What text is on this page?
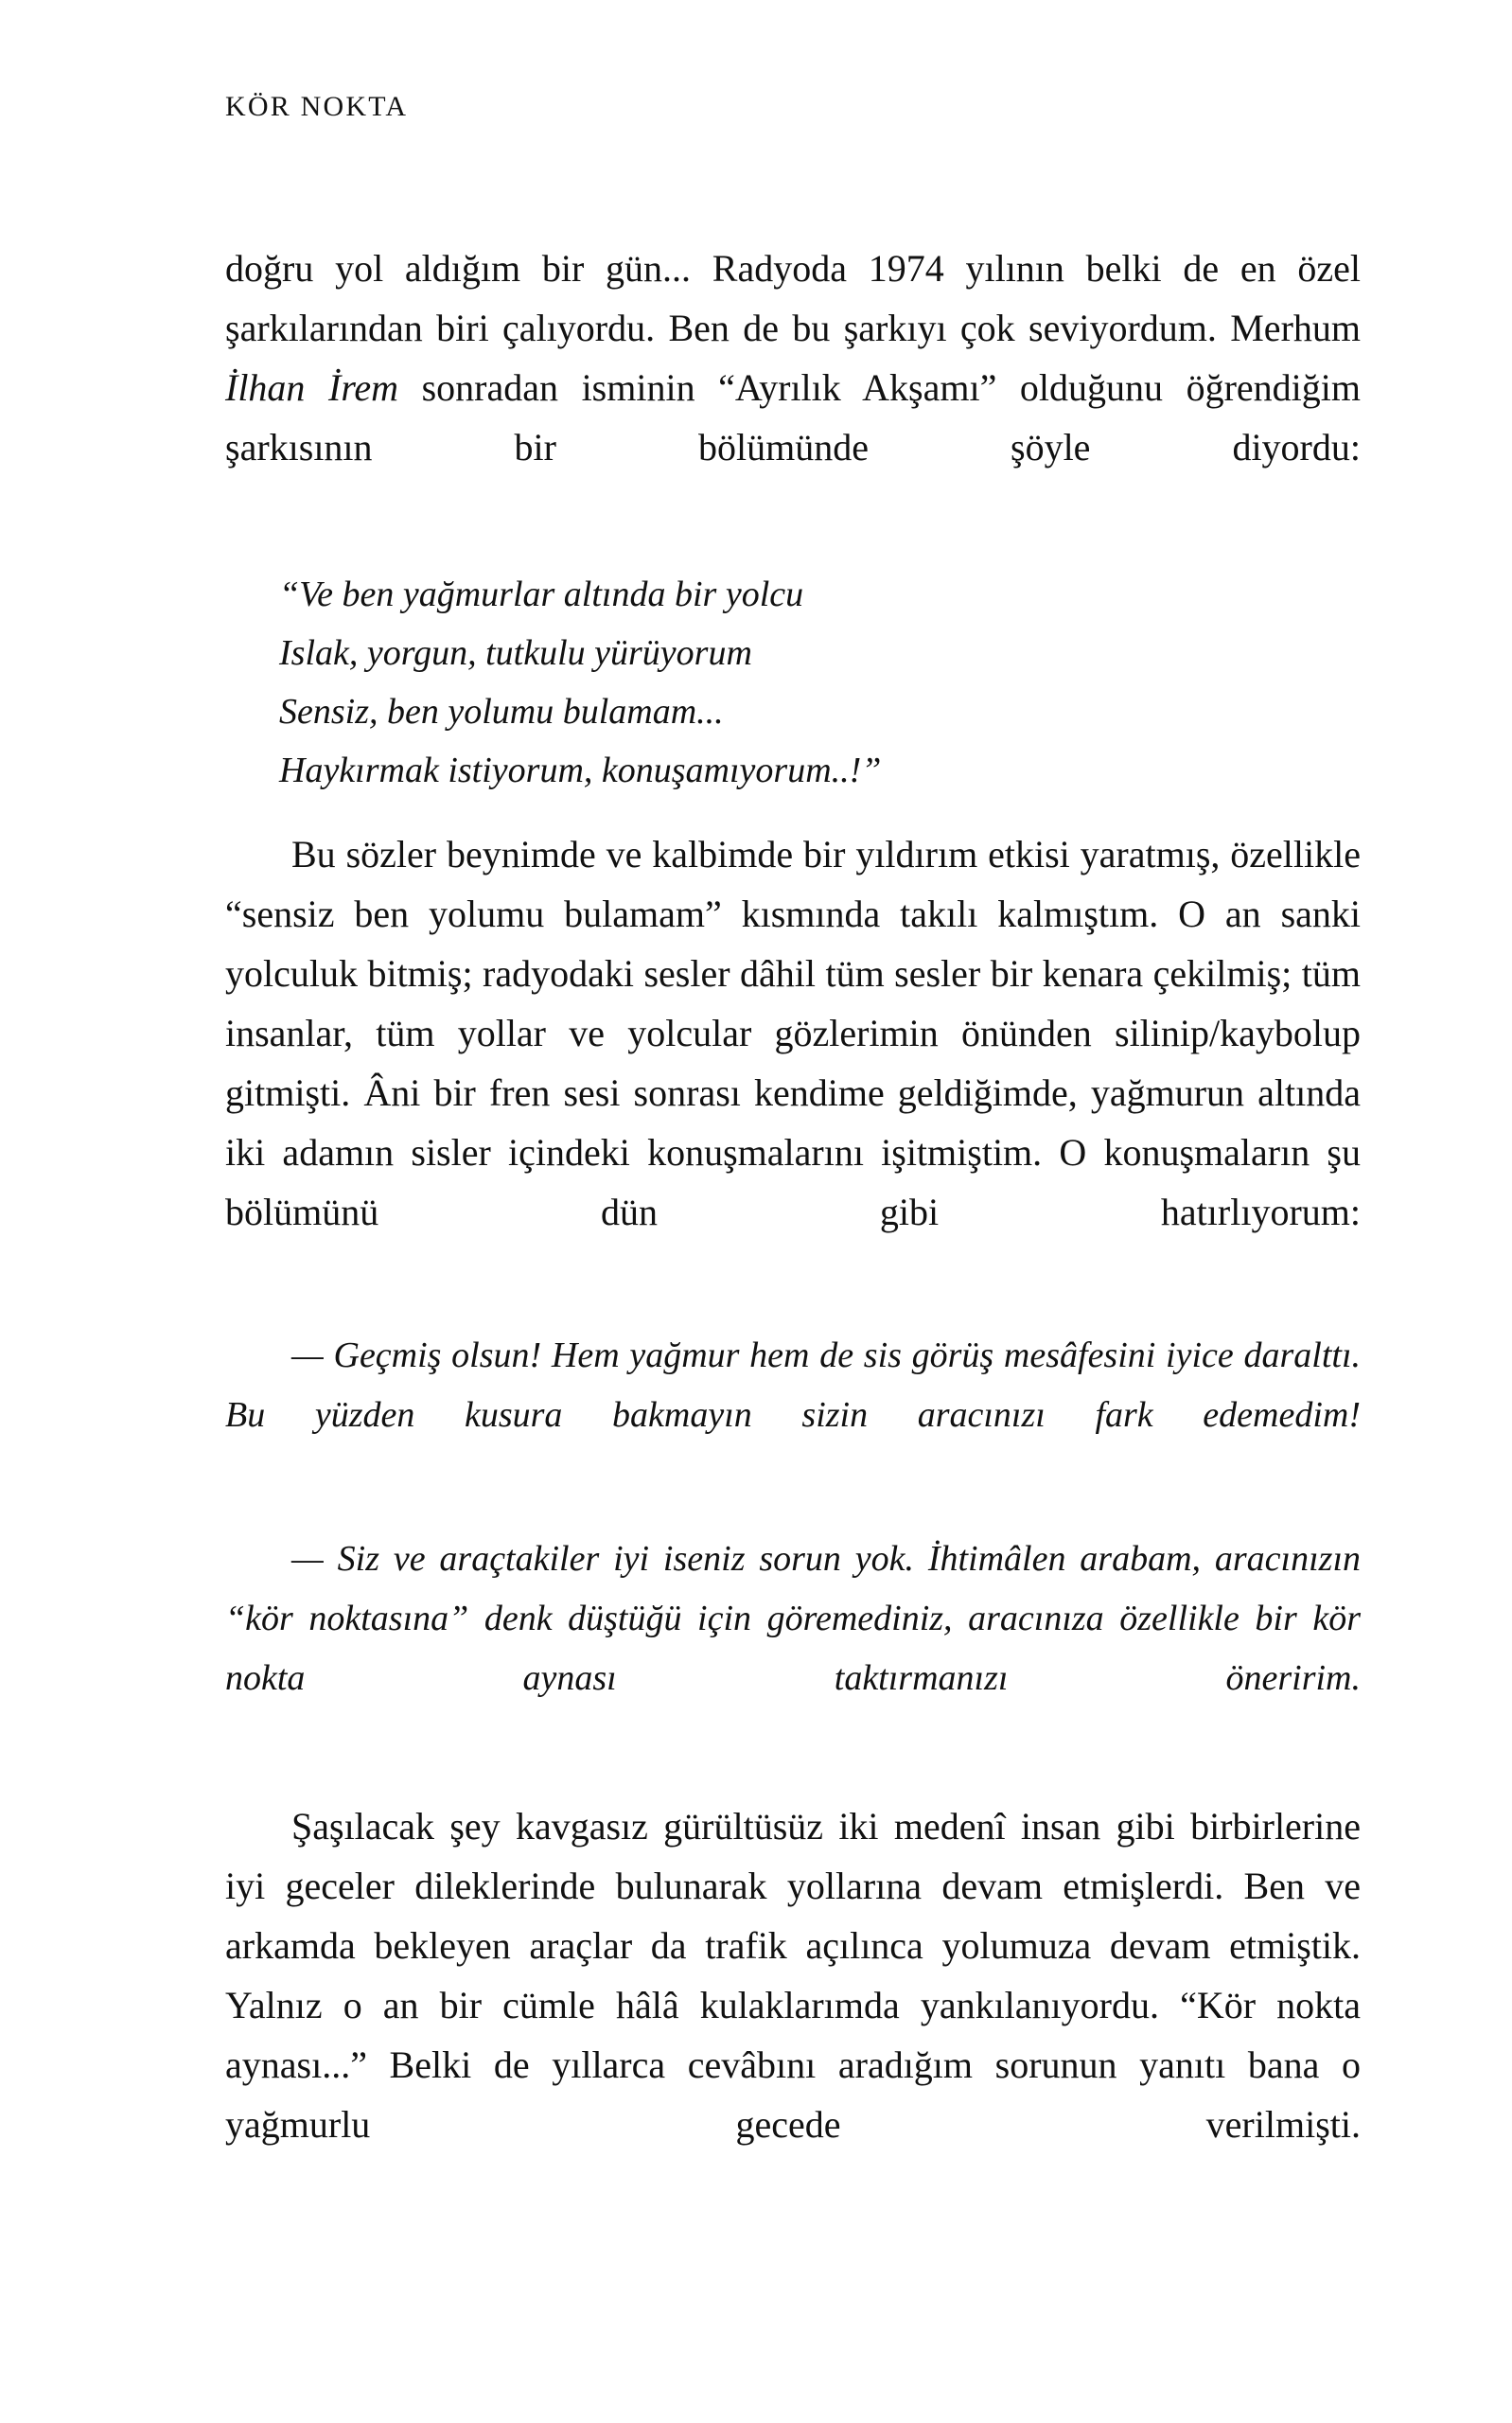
KÖR NOKTA

doğru yol aldığım bir gün... Radyoda 1974 yılının belki de en özel şarkılarından biri çalıyordu. Ben de bu şarkıyı çok seviyordum. Merhum İlhan İrem sonradan isminin “Ayrılık Akşamı” olduğunu öğrendiğim şarkısının bir bölümünde şöyle diyordu:

“Ve ben yağmurlar altında bir yolcu
Islak, yorgun, tutkulu yürüyorum
Sensiz, ben yolumu bulamam...
Haykırmak istiyorum, konuşamıyorum..!”

Bu sözler beynimde ve kalbimde bir yıldırım etkisi yaratmış, özellikle “sensiz ben yolumu bulamam” kısmında takılı kalmıştım. O an sanki yolculuk bitmiş; radyodaki sesler dâhil tüm sesler bir kenara çekilmiş; tüm insanlar, tüm yollar ve yolcular gözlerimin önünden silinip/kaybolup gitmişti. Âni bir fren sesi sonrası kendime geldiğimde, yağmurun altında iki adamın sisler içindeki konuşmalarını işitmiştim. O konuşmaların şu bölümünü dün gibi hatırlıyorum:

— Geçmiş olsun! Hem yağmur hem de sis görüş mesâfesini iyice daralttı. Bu yüzden kusura bakmayın sizin aracınızı fark edemedim!

— Siz ve araçtakiler iyi iseniz sorun yok. İhtimâlen arabam, aracınızın “kör noktasına” denk düştüğü için göremediniz, aracınıza özellikle bir kör nokta aynası taktırmanızı öneririm.

Şaşılacak şey kavgasız gürültüsüz iki medenî insan gibi birbirlerine iyi geceler dileklerinde bulunarak yollarına devam etmişlerdi. Ben ve arkamda bekleyen araçlar da trafik açılınca yolumuza devam etmiştik. Yalnız o an bir cümle hâlâ kulaklarımda yankılanıyordu. “Kör nokta aynası...” Belki de yıllarca cevâbını aradığım sorunun yanıtı bana o yağmurlu gecede verilmişti.
